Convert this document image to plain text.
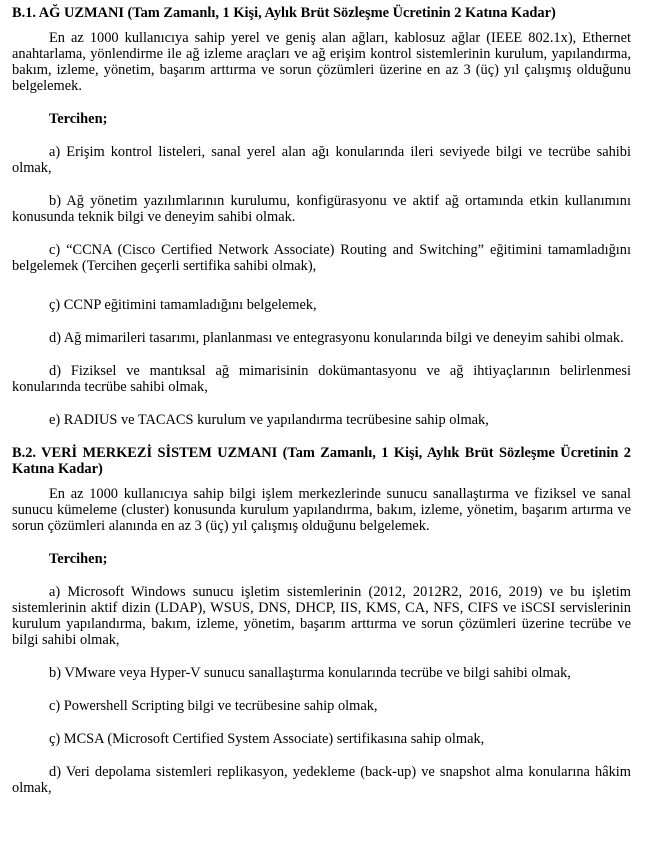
B.1. AĞ UZMANI (Tam Zamanlı, 1 Kişi, Aylık Brüt Sözleşme Ücretinin 2 Katına Kadar)

En az 1000 kullanıcıya sahip yerel ve geniş alan ağları, kablosuz ağlar (IEEE 802.1x), Ethernet anahtarlama, yönlendirme ile ağ izleme araçları ve ağ erişim kontrol sistemlerinin kurulum, yapılandırma, bakım, izleme, yönetim, başarım arttırma ve sorun çözümleri üzerine en az 3 (üç) yıl çalışmış olduğunu belgelemek.

Tercihen;

a) Erişim kontrol listeleri, sanal yerel alan ağı konularında ileri seviyede bilgi ve tecrübe sahibi olmak,

b) Ağ yönetim yazılımlarının kurulumu, konfigürasyonu ve aktif ağ ortamında etkin kullanımını konusunda teknik bilgi ve deneyim sahibi olmak.

c) “CCNA (Cisco Certified Network Associate) Routing and Switching” eğitimini tamamladığını belgelemek (Tercihen geçerli sertifika sahibi olmak),

ç) CCNP eğitimini tamamladığını belgelemek,

d) Ağ mimarileri tasarımı, planlanması ve entegrasyonu konularında bilgi ve deneyim sahibi olmak.

d) Fiziksel ve mantıksal ağ mimarisinin dokümantasyonu ve ağ ihtiyaçlarının belirlenmesi konularında tecrübe sahibi olmak,

e) RADIUS ve TACACS kurulum ve yapılandırma tecrübesine sahip olmak,

B.2. VERİ MERKEZİ SİSTEM UZMANI (Tam Zamanlı, 1 Kişi, Aylık Brüt Sözleşme Ücretinin 2 Katına Kadar)

En az 1000 kullanıcıya sahip bilgi işlem merkezlerinde sunucu sanallaştırma ve fiziksel ve sanal sunucu kümeleme (cluster) konusunda kurulum yapılandırma, bakım, izleme, yönetim, başarım artırma ve sorun çözümleri alanında en az 3 (üç) yıl çalışmış olduğunu belgelemek.

Tercihen;

a) Microsoft Windows sunucu işletim sistemlerinin (2012, 2012R2, 2016, 2019) ve bu işletim sistemlerinin aktif dizin (LDAP), WSUS, DNS, DHCP, IIS, KMS, CA, NFS, CIFS ve iSCSI servislerinin kurulum yapılandırma, bakım, izleme, yönetim, başarım arttırma ve sorun çözümleri üzerine tecrübe ve bilgi sahibi olmak,

b) VMware veya Hyper-V sunucu sanallaştırma konularında tecrübe ve bilgi sahibi olmak,

c) Powershell Scripting bilgi ve tecrübesine sahip olmak,

ç) MCSA (Microsoft Certified System Associate) sertifikasına sahip olmak,

d) Veri depolama sistemleri replikasyon, yedekleme (back-up) ve snapshot alma konularına hâkim olmak,
